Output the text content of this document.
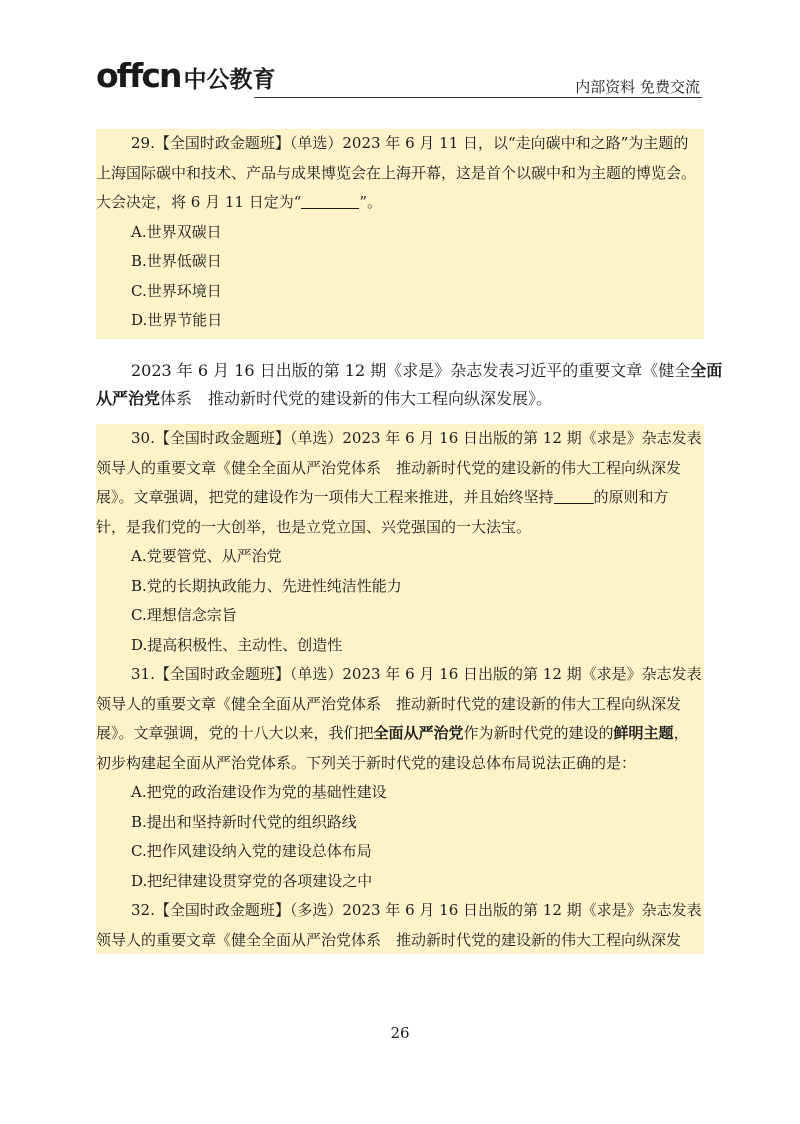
offcn 中公教育	内部资料 免费交流
29.【全国时政金题班】（单选）2023 年 6 月 11 日，以“走向碳中和之路”为主题的
上海国际碳中和技术、产品与成果博览会在上海开幕，这是首个以碳中和为主题的博览会。
大会决定，将 6 月 11 日定为“	”。
A.世界双碳日
B.世界低碳日
C.世界环境日
D.世界节能日
2023 年 6 月 16 日出版的第 12 期《求是》杂志发表习近平的重要文章《健全全面
从严治党体系　推动新时代党的建设新的伟大工程向纵深发展》。
30.【全国时政金题班】（单选）2023 年 6 月 16 日出版的第 12 期《求是》杂志发表
领导人的重要文章《健全全面从严治党体系　推动新时代党的建设新的伟大工程向纵深发
展》。文章强调，把党的建设作为一项伟大工程来推进，并且始终坚持	的原则和方
针，是我们党的一大创举，也是立党立国、兴党强国的一大法宝。
A.党要管党、从严治党
B.党的长期执政能力、先进性纯洁性能力
C.理想信念宗旨
D.提高积极性、主动性、创造性
31.【全国时政金题班】（单选）2023 年 6 月 16 日出版的第 12 期《求是》杂志发表
领导人的重要文章《健全全面从严治党体系　推动新时代党的建设新的伟大工程向纵深发
展》。文章强调，党的十八大以来，我们把全面从严治党作为新时代党的建设的鲜明主题，
初步构建起全面从严治党体系。下列关于新时代党的建设总体布局说法正确的是：
A.把党的政治建设作为党的基础性建设
B.提出和坚持新时代党的组织路线
C.把作风建设纳入党的建设总体布局
D.把纪律建设贯穿党的各项建设之中
32.【全国时政金题班】（多选）2023 年 6 月 16 日出版的第 12 期《求是》杂志发表
领导人的重要文章《健全全面从严治党体系　推动新时代党的建设新的伟大工程向纵深发
26
